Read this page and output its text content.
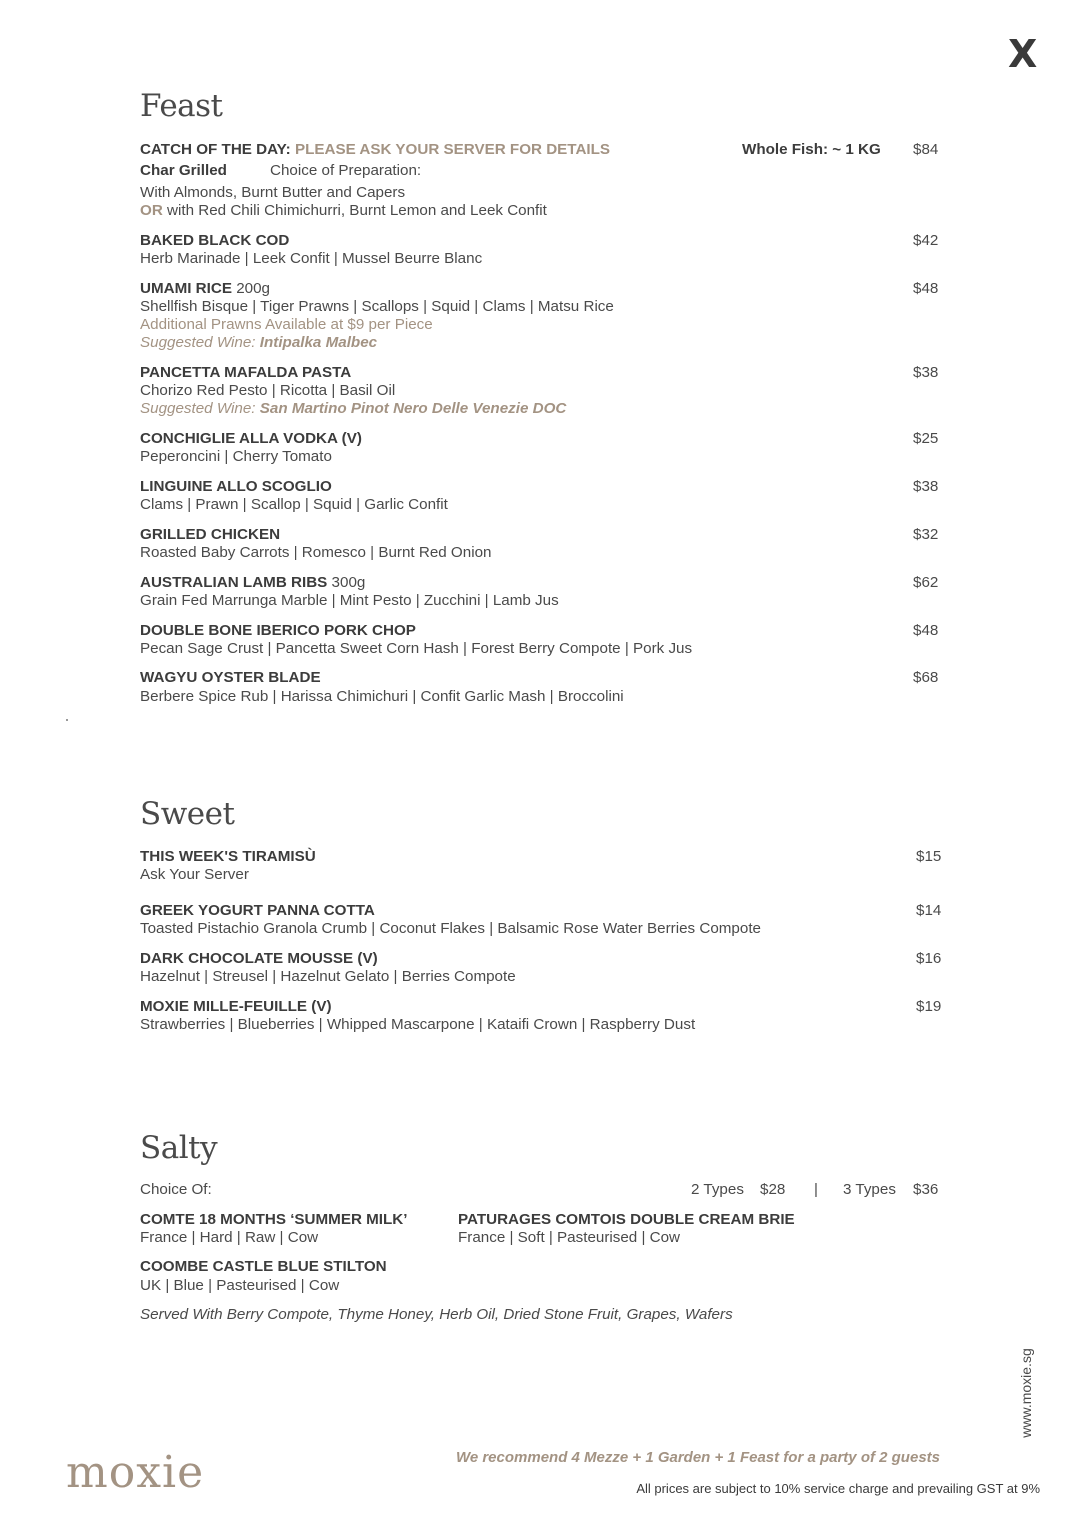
X
Feast
CATCH OF THE DAY: PLEASE ASK YOUR SERVER FOR DETAILS	Whole Fish: ~ 1 KG $84
Char Grilled	Choice of Preparation:
With Almonds, Burnt Butter and Capers
OR with Red Chili Chimichurri, Burnt Lemon and Leek Confit
BAKED BLACK COD
Herb Marinade | Leek Confit | Mussel Beurre Blanc
$42
UMAMI RICE 200g
Shellfish Bisque | Tiger Prawns | Scallops | Squid | Clams | Matsu Rice
Additional Prawns Available at $9 per Piece
Suggested Wine: Intipalka Malbec
$48
PANCETTA MAFALDA PASTA
Chorizo Red Pesto | Ricotta | Basil Oil
Suggested Wine: San Martino Pinot Nero Delle Venezie DOC
$38
CONCHIGLIE ALLA VODKA (V)
Peperoncini | Cherry Tomato
$25
LINGUINE ALLO SCOGLIO
Clams | Prawn | Scallop | Squid | Garlic Confit
$38
GRILLED CHICKEN
Roasted Baby Carrots | Romesco | Burnt Red Onion
$32
AUSTRALIAN LAMB RIBS 300g
Grain Fed Marrunga Marble | Mint Pesto | Zucchini | Lamb Jus
$62
DOUBLE BONE IBERICO PORK CHOP
Pecan Sage Crust | Pancetta Sweet Corn Hash | Forest Berry Compote | Pork Jus
$48
WAGYU OYSTER BLADE
Berbere Spice Rub | Harissa Chimichuri | Confit Garlic Mash | Broccolini
$68
Sweet
THIS WEEK'S TIRAMISÙ
Ask Your Server
$15
GREEK YOGURT PANNA COTTA
Toasted Pistachio Granola Crumb | Coconut Flakes | Balsamic Rose Water Berries Compote
$14
DARK CHOCOLATE MOUSSE (V)
Hazelnut | Streusel | Hazelnut Gelato | Berries Compote
$16
MOXIE MILLE-FEUILLE (V)
Strawberries | Blueberries | Whipped Mascarpone | Kataifi Crown | Raspberry Dust
$19
Salty
Choice Of:	2 Types $28 | 3 Types $36
COMTE 18 MONTHS ‘SUMMER MILK’
France | Hard | Raw | Cow
PATURAGES COMTOIS DOUBLE CREAM BRIE
France | Soft | Pasteurised | Cow
COOMBE CASTLE BLUE STILTON
UK | Blue | Pasteurised | Cow
Served With Berry Compote, Thyme Honey, Herb Oil, Dried Stone Fruit, Grapes, Wafers
www.moxie.sg
moxie	We recommend 4 Mezze + 1 Garden + 1 Feast for a party of 2 guests
All prices are subject to 10% service charge and prevailing GST at 9%
